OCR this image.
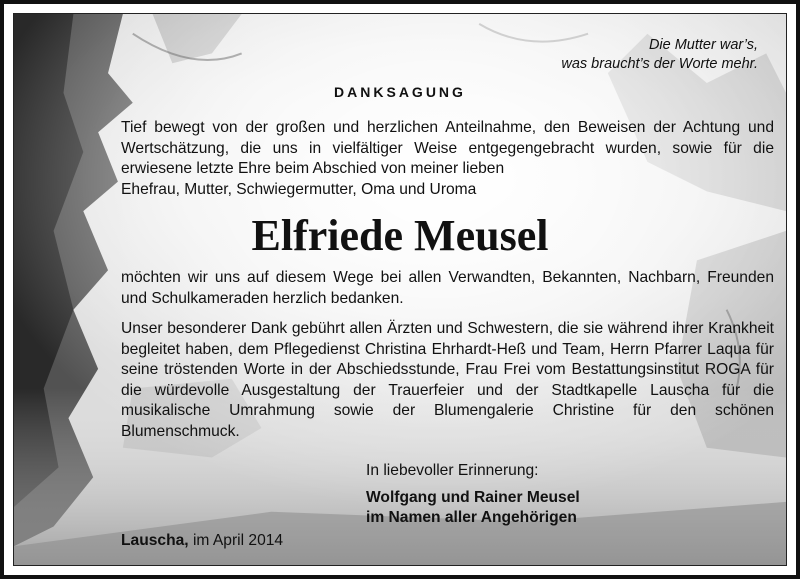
Die Mutter war’s,
was braucht’s der Worte mehr.
DANKSAGUNG

Tief bewegt von der großen und herzlichen Anteilnahme, den Beweisen der Achtung und Wertschätzung, die uns in vielfältiger Weise entgegengebracht wurden, sowie für die erwiesene letzte Ehre beim Abschied von meiner lieben
Ehefrau, Mutter, Schwiegermutter, Oma und Uroma

Elfriede Meusel

möchten wir uns auf diesem Wege bei allen Verwandten, Bekannten, Nachbarn, Freunden und Schulkameraden herzlich bedanken.

Unser besonderer Dank gebührt allen Ärzten und Schwestern, die sie während ihrer Krankheit begleitet haben, dem Pflegedienst Christina Ehrhardt-Heß und Team, Herrn Pfarrer Laqua für seine tröstenden Worte in der Abschiedsstunde, Frau Frei vom Bestattungsinstitut ROGA für die würdevolle Ausgestaltung der Trauerfeier und der Stadtkapelle Lauscha für die musikalische Umrahmung sowie der Blumengalerie Christine für den schönen Blumenschmuck.

In liebevoller Erinnerung:
Wolfgang und Rainer Meusel
im Namen aller Angehörigen
Lauscha, im April 2014
